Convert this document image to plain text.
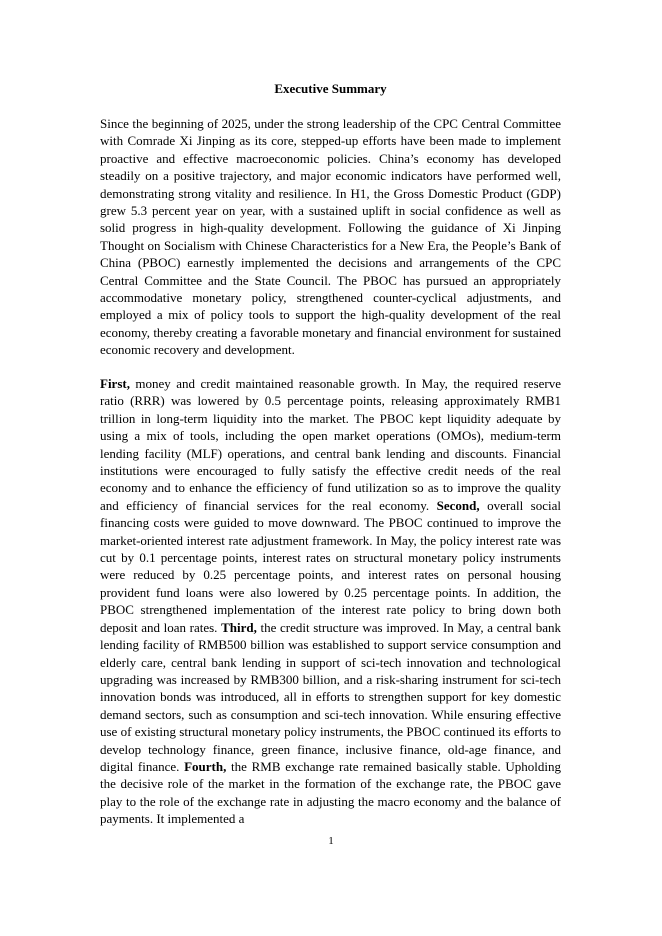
Executive Summary

Since the beginning of 2025, under the strong leadership of the CPC Central Committee with Comrade Xi Jinping as its core, stepped-up efforts have been made to implement proactive and effective macroeconomic policies. China’s economy has developed steadily on a positive trajectory, and major economic indicators have performed well, demonstrating strong vitality and resilience. In H1, the Gross Domestic Product (GDP) grew 5.3 percent year on year, with a sustained uplift in social confidence as well as solid progress in high-quality development. Following the guidance of Xi Jinping Thought on Socialism with Chinese Characteristics for a New Era, the People’s Bank of China (PBOC) earnestly implemented the decisions and arrangements of the CPC Central Committee and the State Council. The PBOC has pursued an appropriately accommodative monetary policy, strengthened counter-cyclical adjustments, and employed a mix of policy tools to support the high-quality development of the real economy, thereby creating a favorable monetary and financial environment for sustained economic recovery and development.

First, money and credit maintained reasonable growth. In May, the required reserve ratio (RRR) was lowered by 0.5 percentage points, releasing approximately RMB1 trillion in long-term liquidity into the market. The PBOC kept liquidity adequate by using a mix of tools, including the open market operations (OMOs), medium-term lending facility (MLF) operations, and central bank lending and discounts. Financial institutions were encouraged to fully satisfy the effective credit needs of the real economy and to enhance the efficiency of fund utilization so as to improve the quality and efficiency of financial services for the real economy. Second, overall social financing costs were guided to move downward. The PBOC continued to improve the market-oriented interest rate adjustment framework. In May, the policy interest rate was cut by 0.1 percentage points, interest rates on structural monetary policy instruments were reduced by 0.25 percentage points, and interest rates on personal housing provident fund loans were also lowered by 0.25 percentage points. In addition, the PBOC strengthened implementation of the interest rate policy to bring down both deposit and loan rates. Third, the credit structure was improved. In May, a central bank lending facility of RMB500 billion was established to support service consumption and elderly care, central bank lending in support of sci-tech innovation and technological upgrading was increased by RMB300 billion, and a risk-sharing instrument for sci-tech innovation bonds was introduced, all in efforts to strengthen support for key domestic demand sectors, such as consumption and sci-tech innovation. While ensuring effective use of existing structural monetary policy instruments, the PBOC continued its efforts to develop technology finance, green finance, inclusive finance, old-age finance, and digital finance. Fourth, the RMB exchange rate remained basically stable. Upholding the decisive role of the market in the formation of the exchange rate, the PBOC gave play to the role of the exchange rate in adjusting the macro economy and the balance of payments. It implemented a

1
